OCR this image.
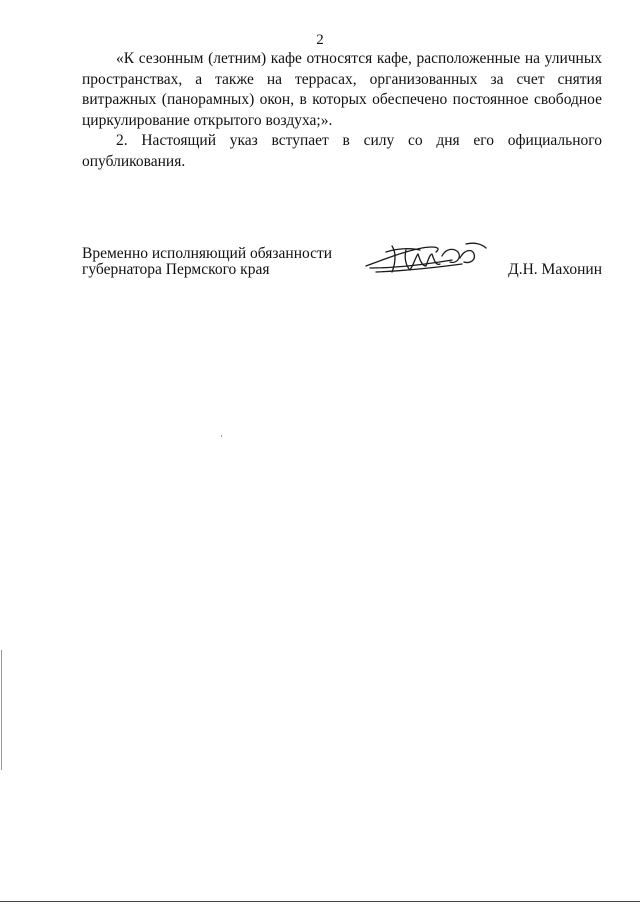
2

«К сезонным (летним) кафе относятся кафе, расположенные на уличных пространствах, а также на террасах, организованных за счет снятия витражных (панорамных) окон, в которых обеспечено постоянное свободное циркулирование открытого воздуха;».

2. Настоящий указ вступает в силу со дня его официального опубликования.

Временно исполняющий обязанности
губернатора Пермского края	Д.Н. Махонин
